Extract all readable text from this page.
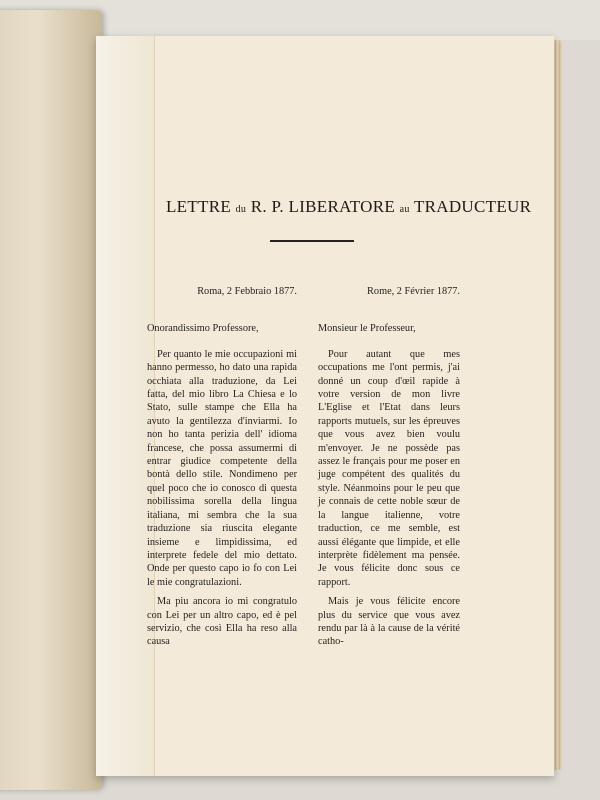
LETTRE du R. P. LIBERATORE au TRADUCTEUR

Roma, 2 Febbraio 1877.

Onorandissimo Professore,

Per quanto le mie occupazioni mi hanno permesso, ho dato una rapida occhiata alla traduzione, da Lei fatta, del mio libro La Chiesa e lo Stato, sulle stampe che Ella ha avuto la gentilezza d'inviarmi. Io non ho tanta perizia dell' idioma francese, che possa assumermi di entrar giudice competente della bontà dello stile. Nondimeno per quel poco che io conosco di questa nobilissima sorella della lingua italiana, mi sembra che la sua traduzione sia riuscita elegante insieme e limpidissima, ed interprete fedele del mio dettato. Onde per questo capo io fo con Lei le mie congratulazioni.

Ma piu ancora io mi congratulo con Lei per un altro capo, ed è pel servizio, che così Ella ha reso alla causa

Rome, 2 Février 1877.

Monsieur le Professeur,

Pour autant que mes occupations me l'ont permis, j'ai donné un coup d'œil rapide à votre version de mon livre L'Eglise et l'Etat dans leurs rapports mutuels, sur les épreuves que vous avez bien voulu m'envoyer. Je ne possède pas assez le français pour me poser en juge compétent des qualités du style. Néanmoins pour le peu que je connais de cette noble sœur de la langue italienne, votre traduction, ce me semble, est aussi élégante que limpide, et elle interprète fidèlement ma pensée. Je vous félicite donc sous ce rapport.

Mais je vous félicite encore plus du service que vous avez rendu par là à la cause de la vérité catho-
